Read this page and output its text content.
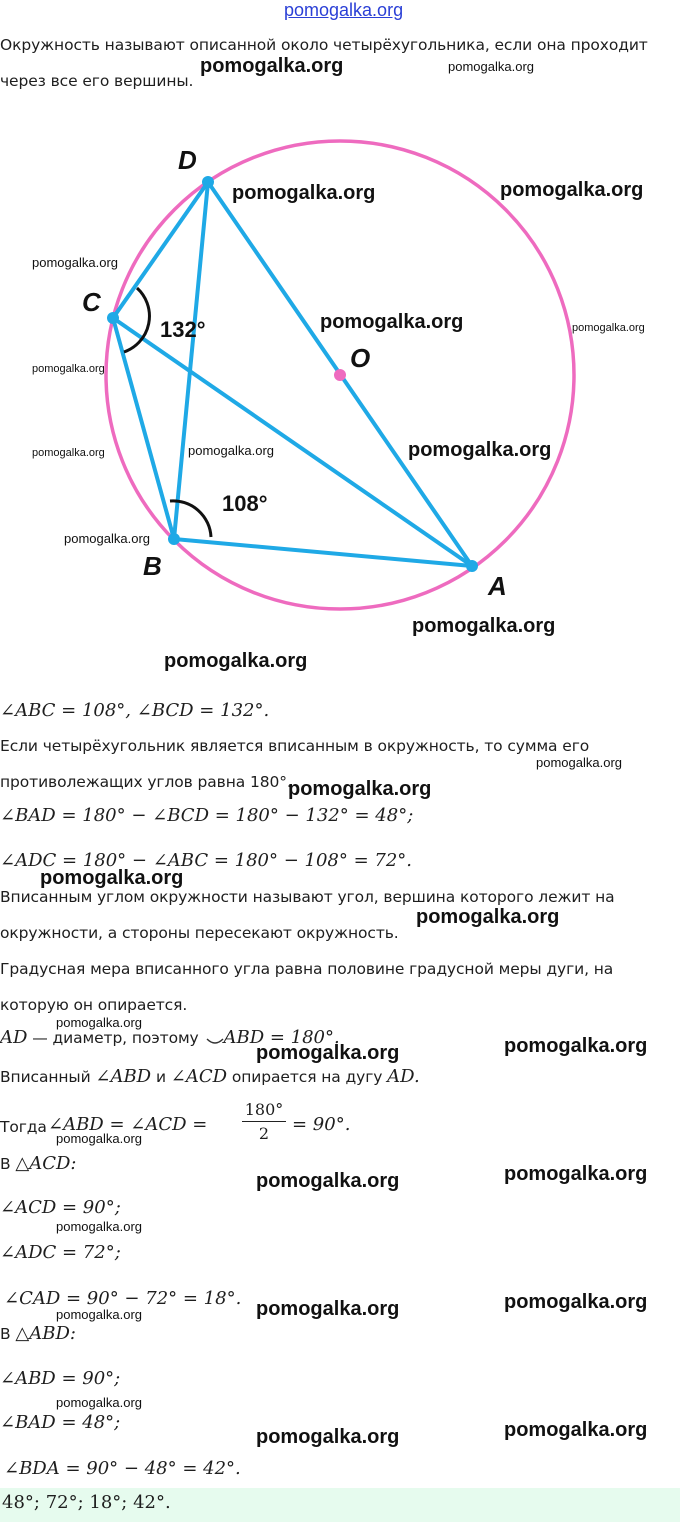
pomogalka.org
Окружность называют описанной около четырёхугольника, если она проходит
через все его вершины.
D
C
B
A
O
132°
108°
∠ABC = 108°, ∠BCD = 132°.
Если четырёхугольник является вписанным в окружность, то сумма его
противолежащих углов равна 180°.
∠BAD = 180° − ∠BCD = 180° − 132° = 48°;
∠ADC = 180° − ∠ABC = 180° − 108° = 72°.
Вписанным углом окружности называют угол, вершина которого лежит на
окружности, а стороны пересекают окружность.
Градусная мера вписанного угла равна половине градусной меры дуги, на
которую он опирается.
AD — диаметр, поэтому
ABD = 180°.
Вписанный ∠ABD и ∠ACD опирается на дугу AD.
Тогда ∠ABD = ∠ACD =
180°
2	= 90°.
В △ACD:
∠ACD = 90°;
∠ADC = 72°;
∠CAD = 90° − 72° = 18°.
В △ABD:
∠ABD = 90°;
∠BAD = 48°;
∠BDA = 90° − 48° = 42°.
48°; 72°; 18°; 42°.
pomogalka.org	pomogalka.org
pomogalka.org	pomogalka.org
pomogalka.org
pomogalka.org	pomogalka.org
pomogalka.org
pomogalka.org	pomogalka.org
pomogalka.org
pomogalka.org
pomogalka.org
pomogalka.org
pomogalka.org
pomogalka.org
pomogalka.org
pomogalka.org
pomogalka.org
pomogalka.org	pomogalka.org
pomogalka.org
pomogalka.org	pomogalka.org
pomogalka.org
pomogalka.org	pomogalka.org	pomogalka.org
pomogalka.org
pomogalka.org	pomogalka.org
